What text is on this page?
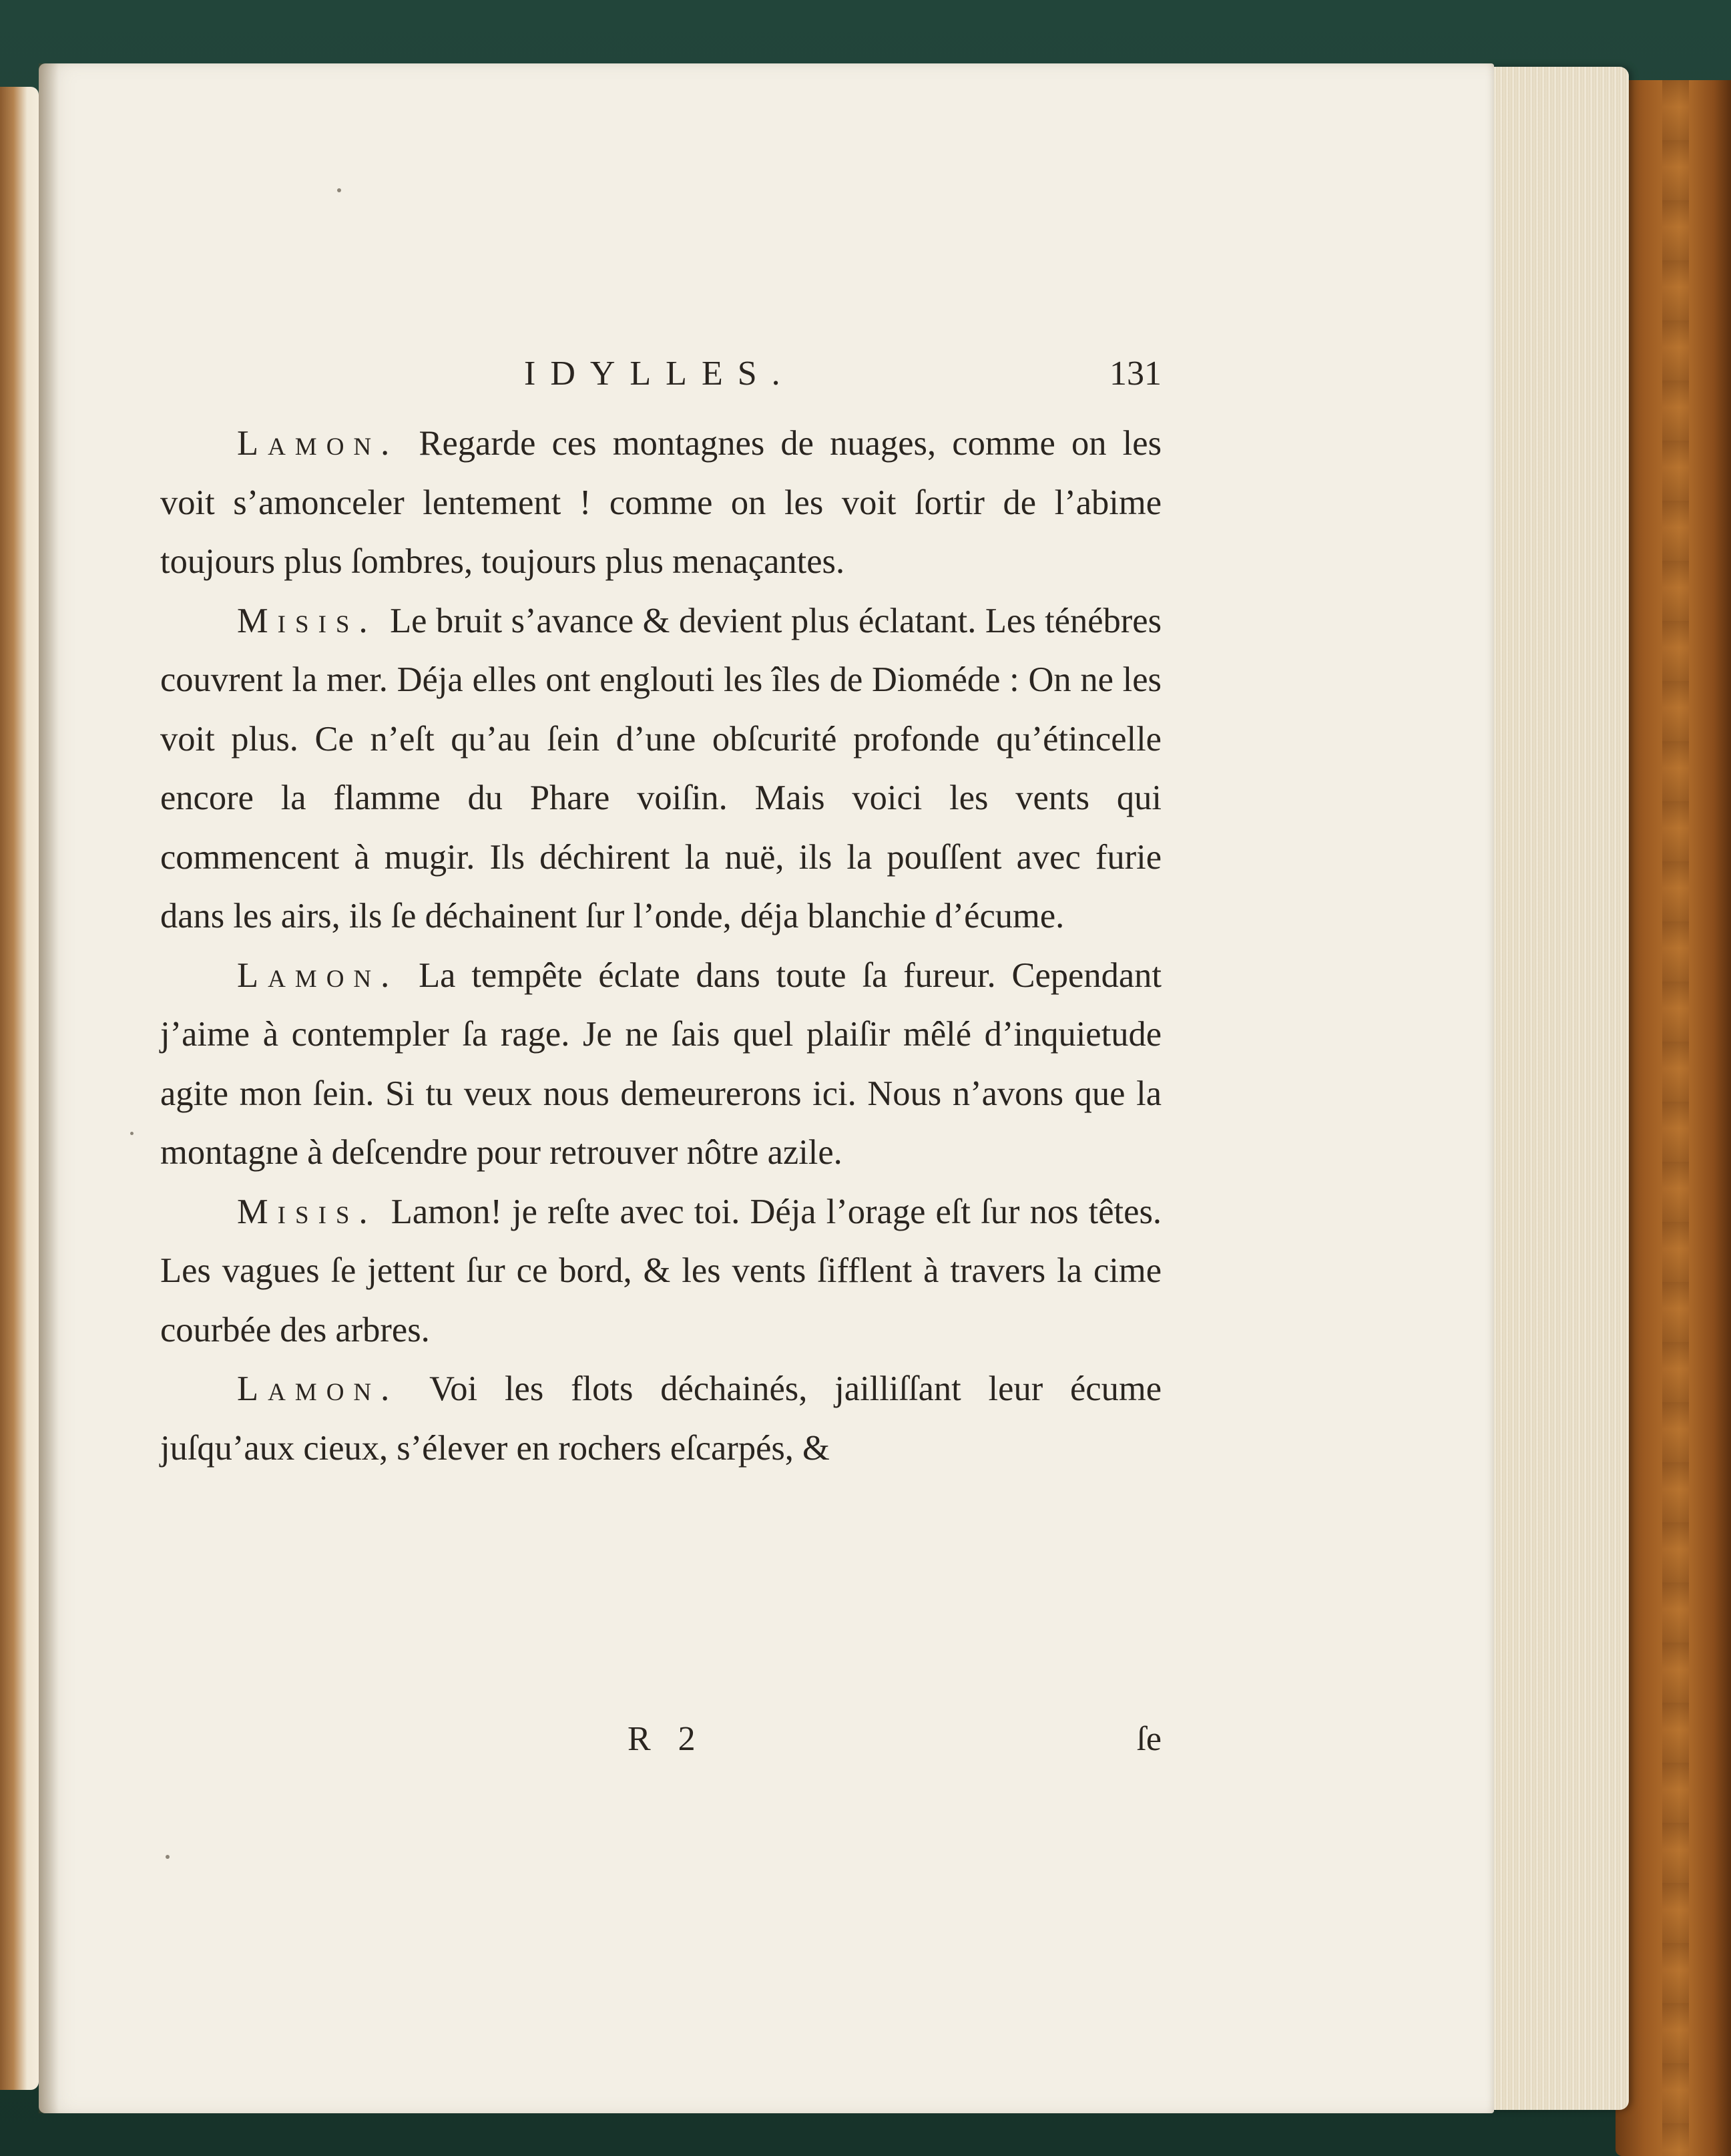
IDYLLES.	131

Lamon. Regarde ces montagnes de nuages, comme on les voit s’amonceler lentement ! comme on les voit ſortir de l’abime toujours plus ſombres, toujours plus menaçantes.

Misis. Le bruit s’avance & devient plus éclatant. Les ténébres couvrent la mer. Déja elles ont englouti les îles de Dioméde : On ne les voit plus. Ce n’eſt qu’au ſein d’une obſcurité profonde qu’étincelle encore la flamme du Phare voiſin. Mais voici les vents qui commencent à mugir. Ils déchirent la nuë, ils la pouſſent avec furie dans les airs, ils ſe déchainent ſur l’onde, déja blanchie d’écume.

Lamon. La tempête éclate dans toute ſa fureur. Cependant j’aime à contempler ſa rage. Je ne ſais quel plaiſir mêlé d’inquietude agite mon ſein. Si tu veux nous demeurerons ici. Nous n’avons que la montagne à deſcendre pour retrouver nôtre azile.

Misis. Lamon! je reſte avec toi. Déja l’orage eſt ſur nos têtes. Les vagues ſe jettent ſur ce bord, & les vents ſifflent à travers la cime courbée des arbres.

Lamon. Voi les flots déchainés, jailliſſant leur écume juſqu’aux cieux, s’élever en rochers eſcarpés, &

R 2	ſe
